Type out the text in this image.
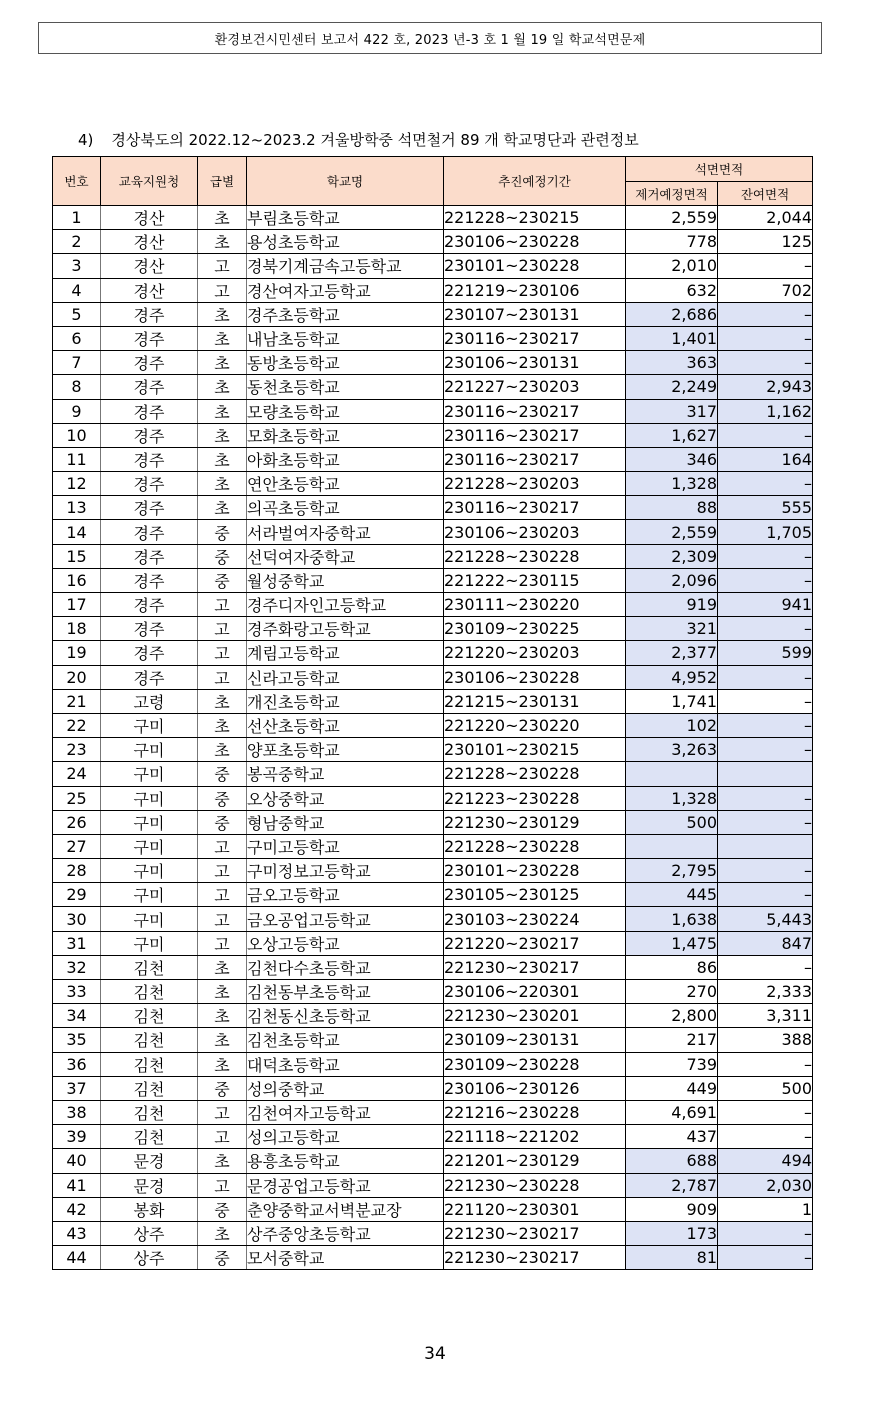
환경보건시민센터 보고서 422 호, 2023 년-3 호 1 월 19 일 학교석면문제
4) 경상북도의 2022.12~2023.2 겨울방학중 석면철거 89 개 학교명단과 관련정보
번호	교육지원청	급별	학교명	추진예정기간	석면면적	
					제거예정면적	잔여면적
1	경산	초	부림초등학교	221228~230215	2,559	2,044
2	경산	초	용성초등학교	230106~230228	778	125
3	경산	고	경북기계금속고등학교	230101~230228	2,010	–
4	경산	고	경산여자고등학교	221219~230106	632	702
5	경주	초	경주초등학교	230107~230131	2,686	–
6	경주	초	내남초등학교	230116~230217	1,401	–
7	경주	초	동방초등학교	230106~230131	363	–
8	경주	초	동천초등학교	221227~230203	2,249	2,943
9	경주	초	모량초등학교	230116~230217	317	1,162
10	경주	초	모화초등학교	230116~230217	1,627	–
11	경주	초	아화초등학교	230116~230217	346	164
12	경주	초	연안초등학교	221228~230203	1,328	–
13	경주	초	의곡초등학교	230116~230217	88	555
14	경주	중	서라벌여자중학교	230106~230203	2,559	1,705
15	경주	중	선덕여자중학교	221228~230228	2,309	–
16	경주	중	월성중학교	221222~230115	2,096	–
17	경주	고	경주디자인고등학교	230111~230220	919	941
18	경주	고	경주화랑고등학교	230109~230225	321	–
19	경주	고	계림고등학교	221220~230203	2,377	599
20	경주	고	신라고등학교	230106~230228	4,952	–
21	고령	초	개진초등학교	221215~230131	1,741	–
22	구미	초	선산초등학교	221220~230220	102	–
23	구미	초	양포초등학교	230101~230215	3,263	–
24	구미	중	봉곡중학교	221228~230228		
25	구미	중	오상중학교	221223~230228	1,328	–
26	구미	중	형남중학교	221230~230129	500	–
27	구미	고	구미고등학교	221228~230228		
28	구미	고	구미정보고등학교	230101~230228	2,795	–
29	구미	고	금오고등학교	230105~230125	445	–
30	구미	고	금오공업고등학교	230103~230224	1,638	5,443
31	구미	고	오상고등학교	221220~230217	1,475	847
32	김천	초	김천다수초등학교	221230~230217	86	–
33	김천	초	김천동부초등학교	230106~220301	270	2,333
34	김천	초	김천동신초등학교	221230~230201	2,800	3,311
35	김천	초	김천초등학교	230109~230131	217	388
36	김천	초	대덕초등학교	230109~230228	739	–
37	김천	중	성의중학교	230106~230126	449	500
38	김천	고	김천여자고등학교	221216~230228	4,691	–
39	김천	고	성의고등학교	221118~221202	437	–
40	문경	초	용흥초등학교	221201~230129	688	494
41	문경	고	문경공업고등학교	221230~230228	2,787	2,030
42	봉화	중	춘양중학교서벽분교장	221120~230301	909	1
43	상주	초	상주중앙초등학교	221230~230217	173	–
44	상주	중	모서중학교	221230~230217	81	–
34
